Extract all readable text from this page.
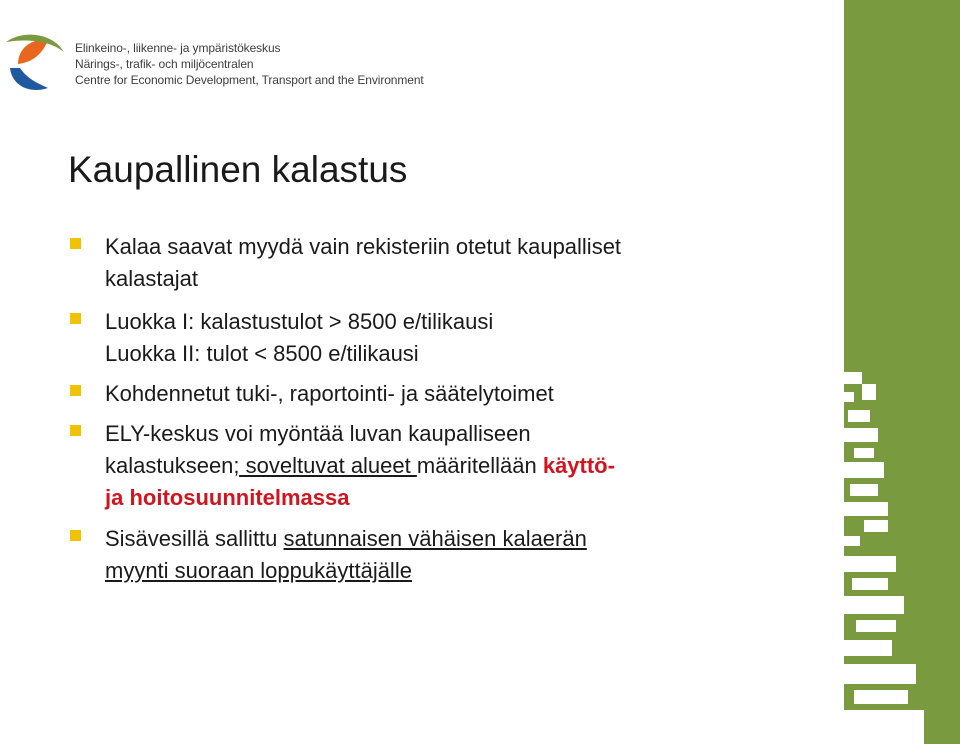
Elinkeino-, liikenne- ja ympäristökeskus
Närings-, trafik- och miljöcentralen
Centre for Economic Development, Transport and the Environment
Kaupallinen kalastus
Kalaa saavat myydä vain rekisteriin otetut kaupalliset
kalastajat
Luokka I: kalastustulot > 8500 e/tilikausi
Luokka II: tulot < 8500 e/tilikausi
Kohdennetut tuki-, raportointi- ja säätelytoimet
ELY-keskus voi myöntää luvan kaupalliseen
kalastukseen; soveltuvat alueet määritellään käyttö-
ja hoitosuunnitelmassa
Sisävesillä sallittu satunnaisen vähäisen kalaerän
myynti suoraan loppukäyttäjälle
